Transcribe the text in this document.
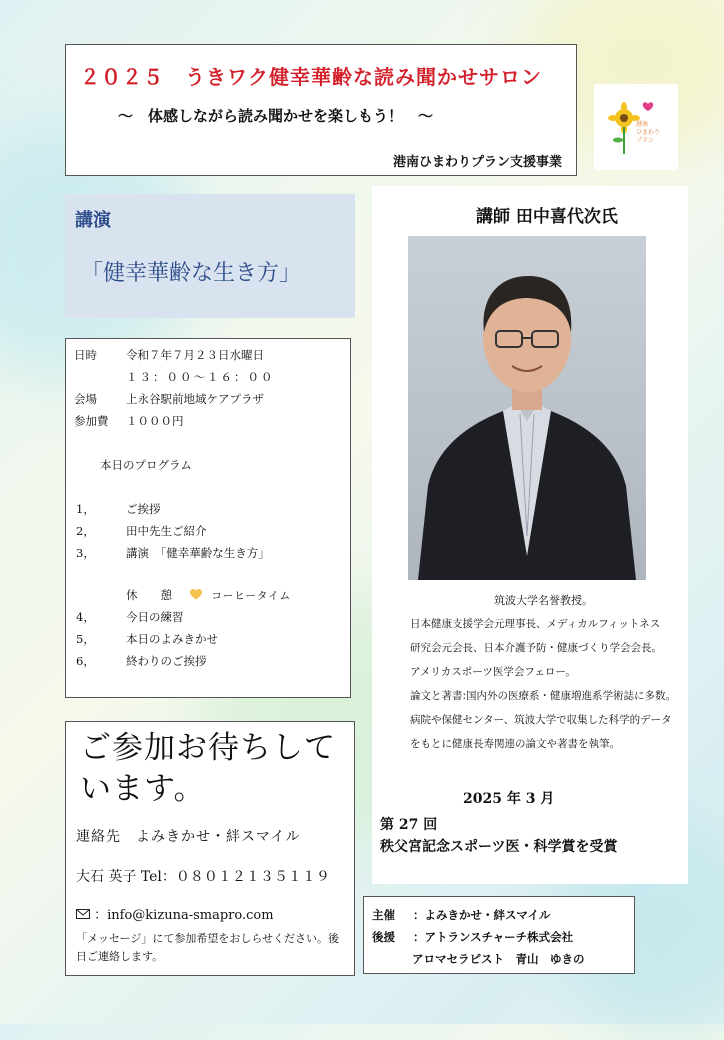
２０２５　うきワク健幸華齢な読み聞かせサロン
～　体感しながら読み聞かせを楽しもう！　～
港南ひまわりプラン支援事業
港南
ひまわり
プラン
講演
「健幸華齢な生き方」
日時	令和７年７月２３日水曜日
１３：００～１６：００
会場	上永谷駅前地域ケアプラザ
参加費 １０００円
本日のプログラム
1，	ご挨拶
2，	田中先生ご紹介
3，	講演　「健幸華齢な生き方」
休　　憩	コーヒータイム
4，	今日の練習
5，	本日のよみきかせ
6，	終わりのご挨拶
講師 田中喜代次氏
筑波大学名誉教授。
日本健康支援学会元理事長、メディカルフィットネス
研究会元会長、日本介護予防・健康づくり学会会長。
アメリカスポーツ医学会フェロー。
論文と著書:国内外の医療系・健康増進系学術誌に多数。
病院や保健センター、筑波大学で収集した科学的データ
をもとに健康長寿関連の論文や著書を執筆。
2025 年 3 月
第 27 回
秩父宮記念スポーツ医・科学賞を受賞
ご参加お待ちしています。
連絡先　よみきかせ・絆スマイル
大石 英子 Tel：０８０１２１３５１１９
：info@kizuna-smapro.com
「メッセージ」にて参加希望をおしらせください。後日ご連絡します。
主催 ：よみきかせ・絆スマイル
後援 ：アトランスチャーチ株式会社
アロマセラピスト　青山　ゆきの
